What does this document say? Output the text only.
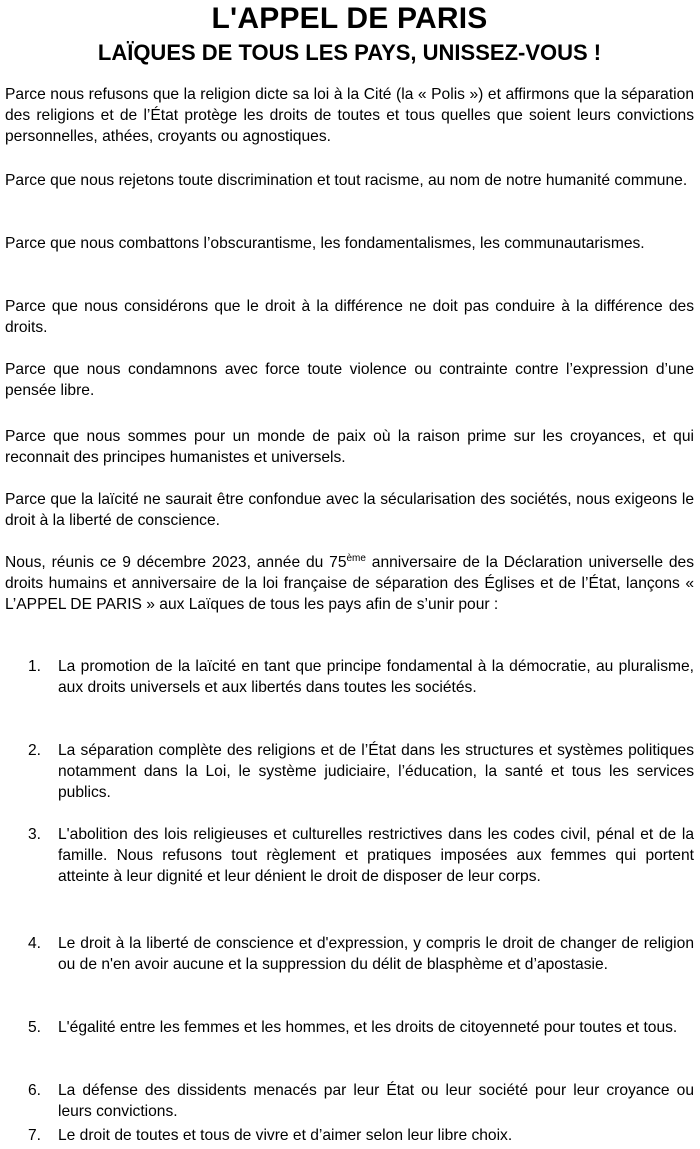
L'APPEL DE PARIS
LAÏQUES DE TOUS LES PAYS, UNISSEZ-VOUS !

Parce nous refusons que la religion dicte sa loi à la Cité (la « Polis ») et affirmons que la séparation des religions et de l’État protège les droits de toutes et tous quelles que soient leurs convictions personnelles, athées, croyants ou agnostiques.

Parce que nous rejetons toute discrimination et tout racisme, au nom de notre humanité commune.

Parce que nous combattons l’obscurantisme, les fondamentalismes, les communautarismes.

Parce que nous considérons que le droit à la différence ne doit pas conduire à la différence des droits.

Parce que nous condamnons avec force toute violence ou contrainte contre l’expression d’une pensée libre.

Parce que nous sommes pour un monde de paix où la raison prime sur les croyances, et qui reconnait des principes humanistes et universels.

Parce que la laïcité ne saurait être confondue avec la sécularisation des sociétés, nous exigeons le droit à la liberté de conscience.

Nous, réunis ce 9 décembre 2023, année du 75ème anniversaire de la Déclaration universelle des droits humains et anniversaire de la loi française de séparation des Églises et de l’État, lançons « L’APPEL DE PARIS » aux Laïques de tous les pays afin de s’unir pour :

1.	La promotion de la laïcité en tant que principe fondamental à la démocratie, au pluralisme, aux droits universels et aux libertés dans toutes les sociétés.
2.	La séparation complète des religions et de l’État dans les structures et systèmes politiques notamment dans la Loi, le système judiciaire, l’éducation, la santé et tous les services publics.
3.	L'abolition des lois religieuses et culturelles restrictives dans les codes civil, pénal et de la famille. Nous refusons tout règlement et pratiques imposées aux femmes qui portent atteinte à leur dignité et leur dénient le droit de disposer de leur corps.
4.	Le droit à la liberté de conscience et d'expression, y compris le droit de changer de religion ou de n'en avoir aucune et la suppression du délit de blasphème et d’apostasie.
5.	L'égalité entre les femmes et les hommes, et les droits de citoyenneté pour toutes et tous.
6.	La défense des dissidents menacés par leur État ou leur société pour leur croyance ou leurs convictions.
7.	Le droit de toutes et tous de vivre et d’aimer selon leur libre choix.
